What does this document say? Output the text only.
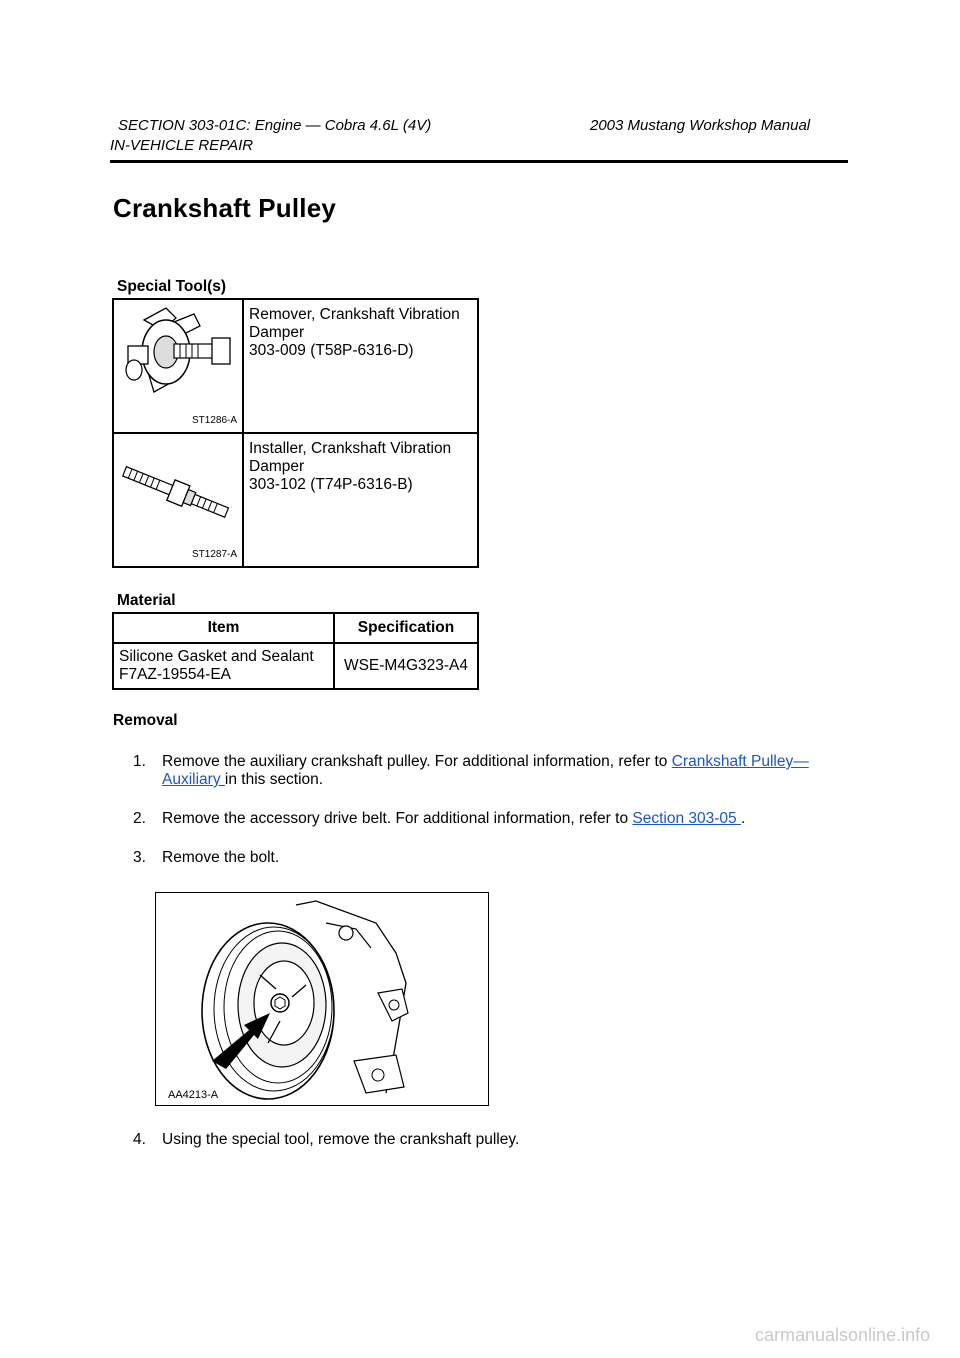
SECTION 303-01C: Engine — Cobra 4.6L (4V)	2003 Mustang Workshop Manual
IN-VEHICLE REPAIR
Crankshaft Pulley
Special Tool(s)
ST1286-A	Remover, Crankshaft Vibration
Damper
303-009 (T58P-6316-D)

ST1287-A	Installer, Crankshaft Vibration
Damper
303-102 (T74P-6316-B)
Material
Item	Specification

Silicone Gasket and Sealant
F7AZ-19554-EA	WSE-M4G323-A4
Removal
1. Remove the auxiliary crankshaft pulley. For additional information, refer to Crankshaft Pulley—
Auxiliary in this section.
2. Remove the accessory drive belt. For additional information, refer to Section 303-05 .
3. Remove the bolt.
AA4213-A
4. Using the special tool, remove the crankshaft pulley.
carmanualsonline.info
